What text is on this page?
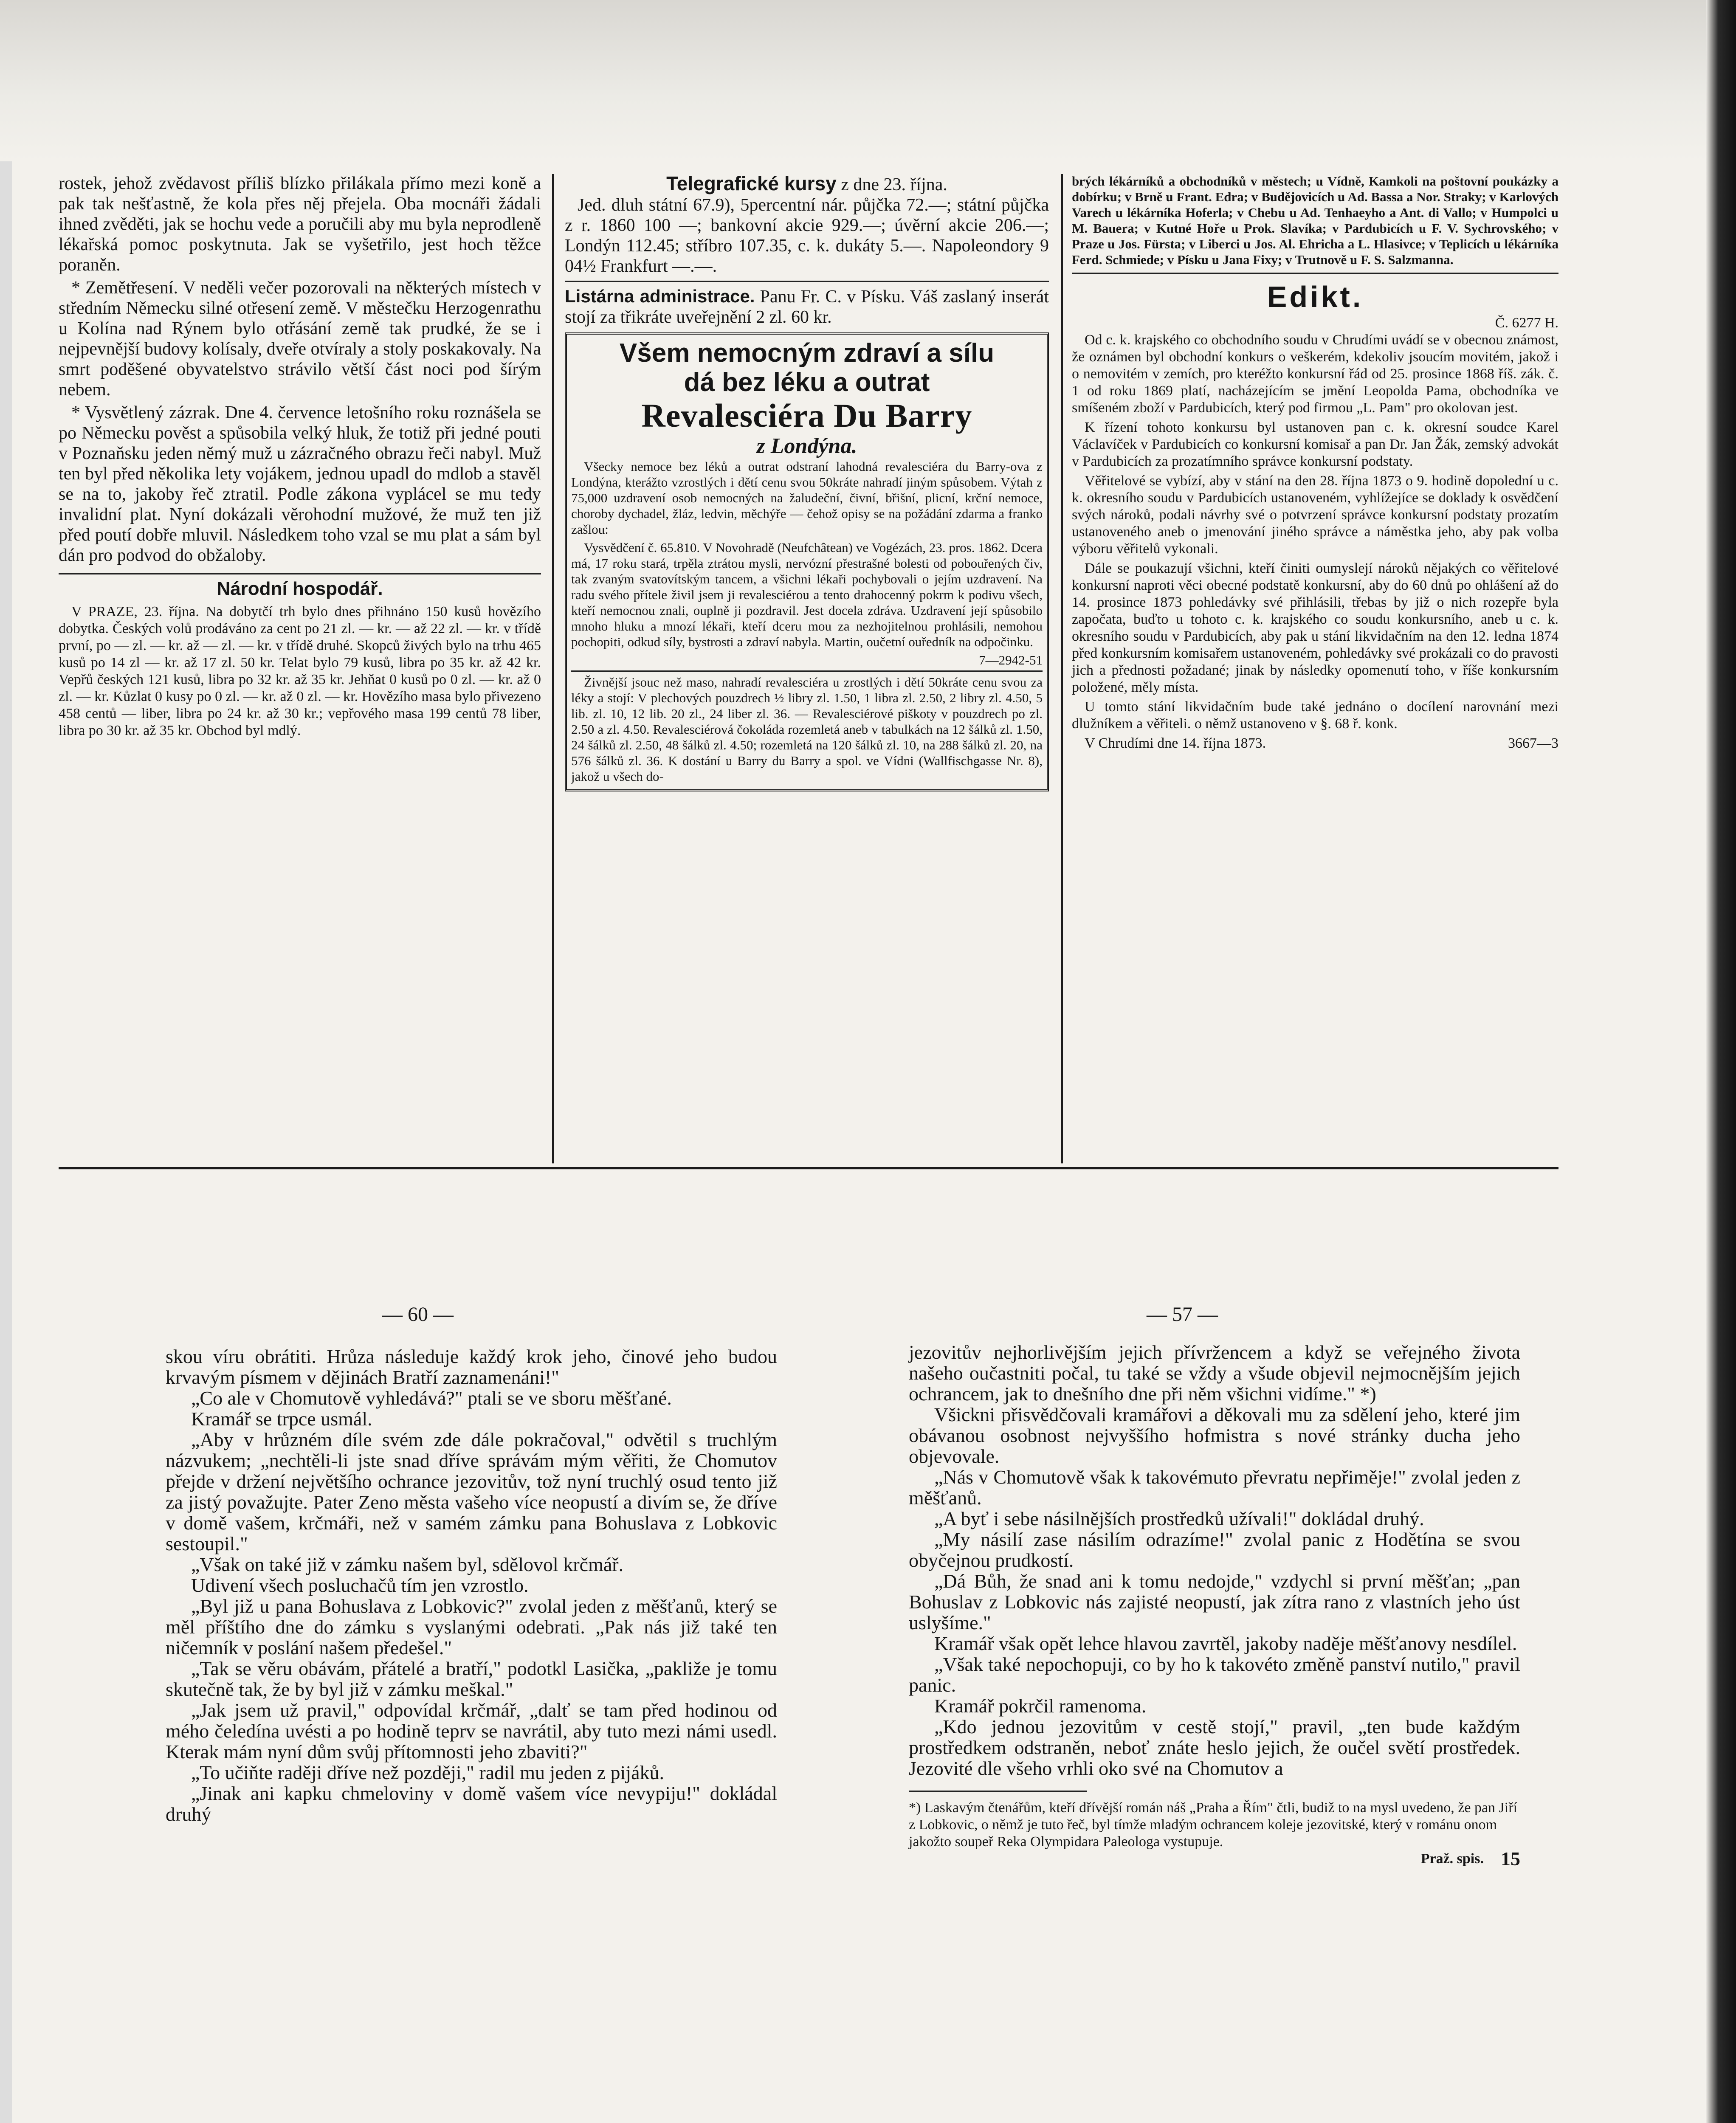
rostek, jehož zvědavost příliš blízko přilákala přímo mezi koně a pak tak nešťastně, že kola přes něj přejela. Oba mocnáři žádali ihned zvěděti, jak se hochu vede a poručili aby mu byla neprodleně lékařská pomoc poskytnuta. Jak se vyšetřilo, jest hoch těžce poraněn.

* Zemětřesení. V neděli večer pozorovali na některých místech v středním Německu silné otřesení země. V městečku Herzogenrathu u Kolína nad Rýnem bylo otřásání země tak prudké, že se i nejpevnější budovy kolísaly, dveře otvíraly a stoly poskakovaly. Na smrt poděšené obyvatelstvo strávilo větší část noci pod šírým nebem.

* Vysvětlený zázrak. Dne 4. července letošního roku roznášela se po Německu pověst a spůsobila velký hluk, že totiž při jedné pouti v Poznaňsku jeden němý muž u zázračného obrazu řeči nabyl. Muž ten byl před několika lety vojákem, jednou upadl do mdlob a stavěl se na to, jakoby řeč ztratil. Podle zákona vyplácel se mu tedy invalidní plat. Nyní dokázali věrohodní mužové, že muž ten již před poutí dobře mluvil. Následkem toho vzal se mu plat a sám byl dán pro podvod do obžaloby.

Národní hospodář.

V PRAZE, 23. října. Na dobytčí trh bylo dnes přihnáno 150 kusů hovězího dobytka. Českých volů prodáváno za cent po 21 zl. — kr. — až 22 zl. — kr. v třídě první, po — zl. — kr. až — zl. — kr. v třídě druhé. Skopců živých bylo na trhu 465 kusů po 14 zl — kr. až 17 zl. 50 kr. Telat bylo 79 kusů, libra po 35 kr. až 42 kr. Vepřů českých 121 kusů, libra po 32 kr. až 35 kr. Jehňat 0 kusů po 0 zl. — kr. až 0 zl. — kr. Kůzlat 0 kusy po 0 zl. — kr. až 0 zl. — kr. Hovězího masa bylo přivezeno 458 centů — liber, libra po 24 kr. až 30 kr.; vepřového masa 199 centů 78 liber, libra po 30 kr. až 35 kr. Obchod byl mdlý.

Telegrafické kursy z dne 23. října.

Jed. dluh státní 67.9), 5percentní nár. půjčka 72.—; státní půjčka z r. 1860 100 —; bankovní akcie 929.—; úvěrní akcie 206.—; Londýn 112.45; stříbro 107.35, c. k. dukáty 5.—. Napoleondory 9 04½ Frankfurt —.—.

Listárna administrace. Panu Fr. C. v Písku. Váš zaslaný inserát stojí za třikráte uveřejnění 2 zl. 60 kr.

Všem nemocným zdraví a sílu
dá bez léku a outrat
Revalesciéra Du Barry
z Londýna.

Všecky nemoce bez léků a outrat odstraní lahodná revalesciéra du Barry-ova z Londýna, kterážto vzrostlých i dětí cenu svou 50kráte nahradí jiným spůsobem. Výtah z 75,000 uzdravení osob nemocných na žaludeční, čivní, břišní, plicní, krční nemoce, choroby dychadel, žláz, ledvin, měchýře — čehož opisy se na požádání zdarma a franko zašlou:

Vysvědčení č. 65.810. V Novohradě (Neufchâtean) ve Vogézách, 23. pros. 1862. Dcera má, 17 roku stará, trpěla ztrátou mysli, nervózní přestrašné bolesti od pobouřených čiv, tak zvaným svatovítským tancem, a všichni lékaři pochybovali o jejím uzdravení. Na radu svého přítele živil jsem ji revalesciérou a tento drahocenný pokrm k podivu všech, kteří nemocnou znali, ouplně ji pozdravil. Jest docela zdráva. Uzdravení její spůsobilo mnoho hluku a mnozí lékaři, kteří dceru mou za nezhojitelnou prohlásili, nemohou pochopiti, odkud síly, bystrosti a zdraví nabyla. Martin, oučetní ouředník na odpočinku.

7—2942-51

Živnější jsouc než maso, nahradí revalesciéra u zrostlých i dětí 50kráte cenu svou za léky a stojí: V plechových pouzdrech ½ libry zl. 1.50, 1 libra zl. 2.50, 2 libry zl. 4.50, 5 lib. zl. 10, 12 lib. 20 zl., 24 liber zl. 36. — Revalesciérové piškoty v pouzdrech po zl. 2.50 a zl. 4.50. Revalesciérová čokoláda rozemletá aneb v tabulkách na 12 šálků zl. 1.50, 24 šálků zl. 2.50, 48 šálků zl. 4.50; rozemletá na 120 šálků zl. 10, na 288 šálků zl. 20, na 576 šálků zl. 36. K dostání u Barry du Barry a spol. ve Vídni (Wallfischgasse Nr. 8), jakož u všech do-

brých lékárníků a obchodníků v městech; u Vídně, Kamkoli na poštovní poukázky a dobírku; v Brně u Frant. Edra; v Budějovicích u Ad. Bassa a Nor. Straky; v Karlových Varech u lékárníka Hoferla; v Chebu u Ad. Tenhaeyho a Ant. di Vallo; v Humpolci u M. Bauera; v Kutné Hoře u Prok. Slavíka; v Pardubicích u F. V. Sychrovského; v Praze u Jos. Fürsta; v Liberci u Jos. Al. Ehricha a L. Hlasivce; v Teplicích u lékárníka Ferd. Schmiede; v Písku u Jana Fixy; v Trutnově u F. S. Salzmanna.

Edikt.
Č. 6277 H.

Od c. k. krajského co obchodního soudu v Chrudími uvádí se v obecnou známost, že oznámen byl obchodní konkurs o veškerém, kdekoliv jsoucím movitém, jakož i o nemovitém v zemích, pro kteréžto konkursní řád od 25. prosince 1868 říš. zák. č. 1 od roku 1869 platí, nacházejícím se jmění Leopolda Pama, obchodníka ve smíšeném zboží v Pardubicích, který pod firmou „L. Pam" pro okolovan jest.

K řízení tohoto konkursu byl ustanoven pan c. k. okresní soudce Karel Václavíček v Pardubicích co konkursní komisař a pan Dr. Jan Žák, zemský advokát v Pardubicích za prozatímního správce konkursní podstaty.

Věřitelové se vybízí, aby v stání na den 28. října 1873 o 9. hodině dopolední u c. k. okresního soudu v Pardubicích ustanoveném, vyhlížejíce se doklady k osvědčení svých nároků, podali návrhy své o potvrzení správce konkursní podstaty prozatím ustanoveného aneb o jmenování jiného správce a náměstka jeho, aby pak volba výboru věřitelů vykonali.

Dále se poukazují všichni, kteří činiti oumyslejí nároků nějakých co věřitelové konkursní naproti věci obecné podstatě konkursní, aby do 60 dnů po ohlášení až do 14. prosince 1873 pohledávky své přihlásili, třebas by již o nich rozepře byla započata, buďto u tohoto c. k. krajského co soudu konkursního, aneb u c. k. okresního soudu v Pardubicích, aby pak u stání likvidačním na den 12. ledna 1874 před konkursním komisařem ustanoveném, pohledávky své prokázali co do pravosti jich a přednosti požadané; jinak by následky opomenutí toho, v říše konkursním položené, měly místa.

U tomto stání likvidačním bude také jednáno o docílení narovnání mezi dlužníkem a věřiteli. o němž ustanoveno v §. 68 ř. konk.

V Chrudími dne 14. října 1873.	3667—3
— 60 —	— 57 —

skou víru obrátiti. Hrůza následuje každý krok jeho, činové jeho budou krvavým písmem v dějinách Bratří zaznamenáni!"

„Co ale v Chomutově vyhledává?" ptali se ve sboru měšťané.

Kramář se trpce usmál.

„Aby v hrůzném díle svém zde dále pokračoval," odvětil s truchlým názvukem; „nechtěli-li jste snad dříve správám mým věřiti, že Chomutov přejde v držení největšího ochrance jezovitův, tož nyní truchlý osud tento již za jistý považujte. Pater Zeno města vašeho více neopustí a divím se, že dříve v domě vašem, krčmáři, než v samém zámku pana Bohuslava z Lobkovic sestoupil."

„Však on také již v zámku našem byl, sdělovol krčmář.

Udivení všech posluchačů tím jen vzrostlo.

„Byl již u pana Bohuslava z Lobkovic?" zvolal jeden z měšťanů, který se měl příštího dne do zámku s vyslanými odebrati. „Pak nás již také ten ničemník v poslání našem předešel."

„Tak se věru obávám, přátelé a bratří," podotkl Lasička, „pakliže je tomu skutečně tak, že by byl již v zámku meškal."

„Jak jsem už pravil," odpovídal krčmář, „dalť se tam před hodinou od mého čeledína uvésti a po hodině teprv se navrátil, aby tuto mezi námi usedl. Kterak mám nyní dům svůj přítomnosti jeho zbaviti?"

„To učiňte raději dříve než později," radil mu jeden z pijáků.

„Jinak ani kapku chmeloviny v domě vašem více nevypiju!" dokládal druhý

jezovitův nejhorlivějším jejich přívržencem a když se veřejného života našeho oučastniti počal, tu také se vždy a všude objevil nejmocnějším jejich ochrancem, jak to dnešního dne při něm všichni vidíme." *)

Všickni přisvědčovali kramářovi a děkovali mu za sdělení jeho, které jim obávanou osobnost nejvyššího hofmistra s nové stránky ducha jeho objevovale.

„Nás v Chomutově však k takovémuto převratu nepřiměje!" zvolal jeden z měšťanů.

„A byť i sebe násilnějších prostředků užívali!" dokládal druhý.

„My násilí zase násilím odrazíme!" zvolal panic z Hodětína se svou obyčejnou prudkostí.

„Dá Bůh, že snad ani k tomu nedojde," vzdychl si první měšťan; „pan Bohuslav z Lobkovic nás zajisté neopustí, jak zítra rano z vlastních jeho úst uslyšíme."

Kramář však opět lehce hlavou zavrtěl, jakoby naděje měšťanovy nesdílel.

„Však také nepochopuji, co by ho k takovéto změně panství nutilo," pravil panic.

Kramář pokrčil ramenoma.

„Kdo jednou jezovitům v cestě stojí," pravil, „ten bude každým prostředkem odstraněn, neboť znáte heslo jejich, že oučel světí prostředek. Jezovité dle všeho vrhli oko své na Chomutov a

*) Laskavým čtenářům, kteří dřívější román náš „Praha a Řím" čtli, budiž to na mysl uvedeno, že pan Jiří z Lobkovic, o němž je tuto řeč, byl tímže mladým ochrancem koleje jezovitské, který v románu onom jakožto soupeř Reka Olympidara Paleologa vystupuje.
Praž. spis. 15
